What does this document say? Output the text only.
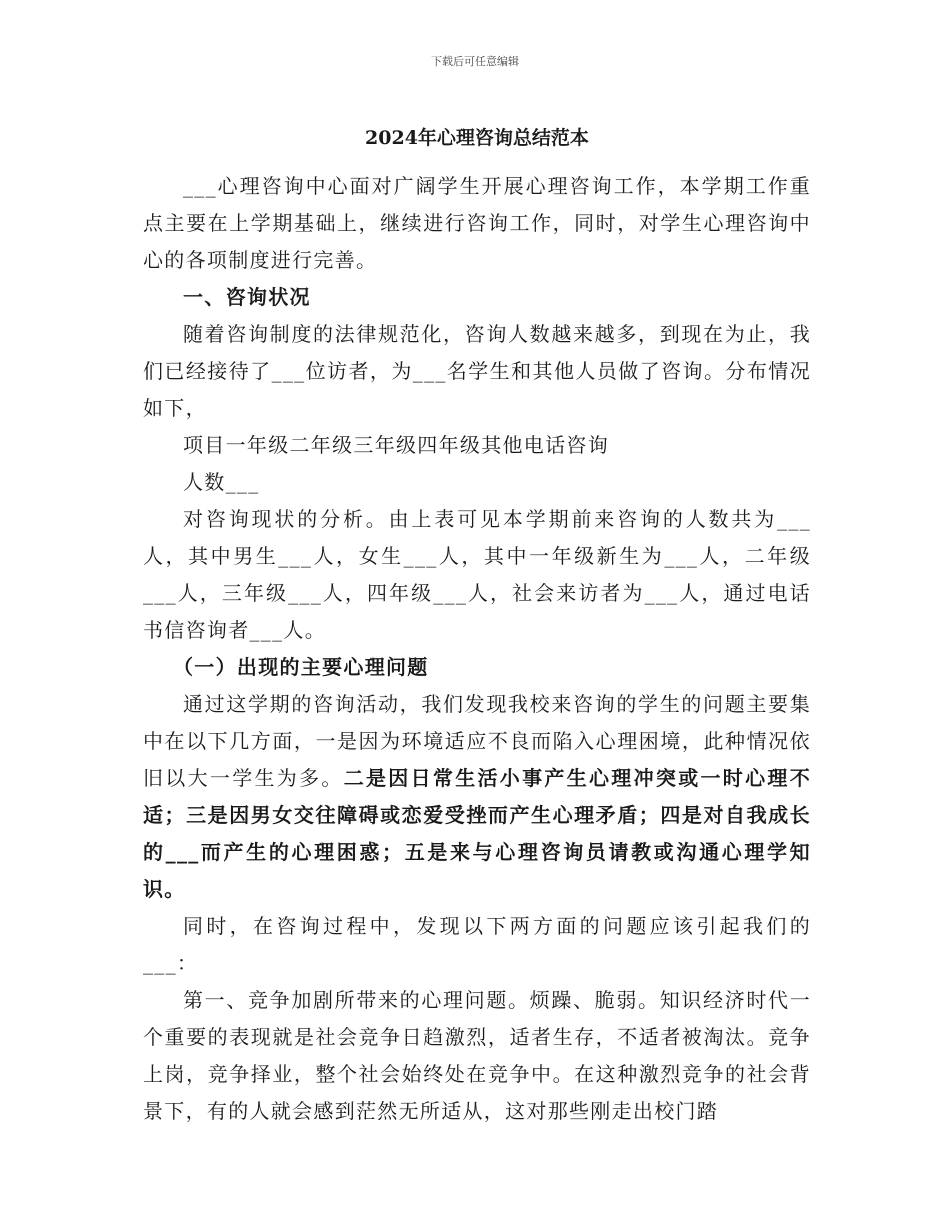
下载后可任意编辑
2024年心理咨询总结范本

___心理咨询中心面对广阔学生开展心理咨询工作，本学期工作重点主要在上学期基础上，继续进行咨询工作，同时，对学生心理咨询中心的各项制度进行完善。

一、咨询状况

随着咨询制度的法律规范化，咨询人数越来越多，到现在为止，我们已经接待了___位访者，为___名学生和其他人员做了咨询。分布情况如下，

项目一年级二年级三年级四年级其他电话咨询

人数___

对咨询现状的分析。由上表可见本学期前来咨询的人数共为___人，其中男生___人，女生___人，其中一年级新生为___人，二年级___人，三年级___人，四年级___人，社会来访者为___人，通过电话书信咨询者___人。

（一）出现的主要心理问题

通过这学期的咨询活动，我们发现我校来咨询的学生的问题主要集中在以下几方面，一是因为环境适应不良而陷入心理困境，此种情况依旧以大一学生为多。二是因日常生活小事产生心理冲突或一时心理不适；三是因男女交往障碍或恋爱受挫而产生心理矛盾；四是对自我成长的___而产生的心理困惑；五是来与心理咨询员请教或沟通心理学知识。

同时，在咨询过程中，发现以下两方面的问题应该引起我们的___：

第一、竞争加剧所带来的心理问题。烦躁、脆弱。知识经济时代一个重要的表现就是社会竞争日趋激烈，适者生存，不适者被淘汰。竞争上岗，竞争择业，整个社会始终处在竞争中。在这种激烈竞争的社会背景下，有的人就会感到茫然无所适从，这对那些刚走出校门踏
